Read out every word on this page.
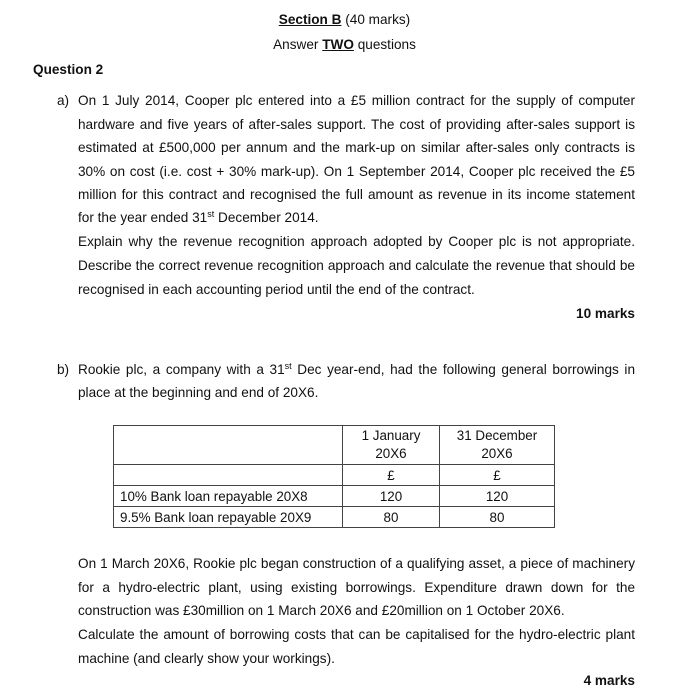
Section B (40 marks)
Answer TWO questions
Question 2
a) On 1 July 2014, Cooper plc entered into a £5 million contract for the supply of computer
hardware and five years of after-sales support. The cost of providing after-sales support is
estimated at £500,000 per annum and the mark-up on similar after-sales only contracts is
30% on cost (i.e. cost + 30% mark-up). On 1 September 2014, Cooper plc received the £5
million for this contract and recognised the full amount as revenue in its income statement
for the year ended 31st December 2014.
Explain why the revenue recognition approach adopted by Cooper plc is not appropriate.
Describe the correct revenue recognition approach and calculate the revenue that should be
recognised in each accounting period until the end of the contract.
10 marks
b) Rookie plc, a company with a 31st Dec year-end, had the following general borrowings in
place at the beginning and end of 20X6.
	1 January
20X6	31 December
20X6
	£	£
10% Bank loan repayable 20X8	120	120
9.5% Bank loan repayable 20X9	80	80
On 1 March 20X6, Rookie plc began construction of a qualifying asset, a piece of machinery
for a hydro-electric plant, using existing borrowings. Expenditure drawn down for the
construction was £30million on 1 March 20X6 and £20million on 1 October 20X6.
Calculate the amount of borrowing costs that can be capitalised for the hydro-electric plant
machine (and clearly show your workings).
4 marks
